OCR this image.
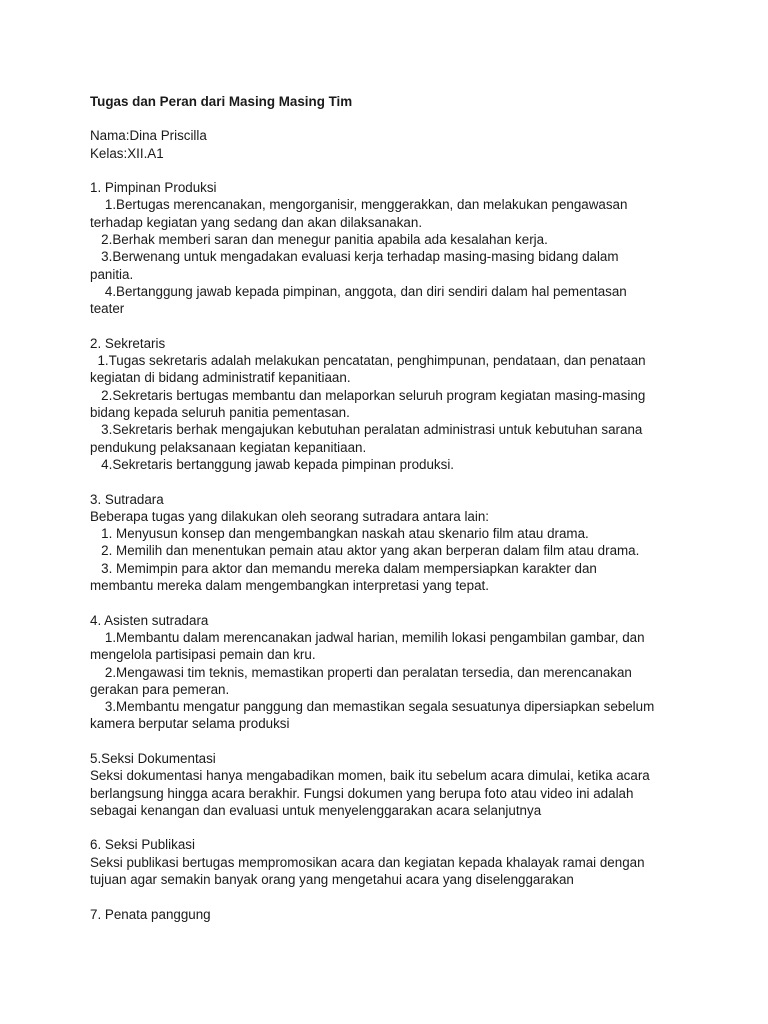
Tugas dan Peran dari Masing Masing Tim
Nama:Dina Priscilla
Kelas:XII.A1
1. Pimpinan Produksi
1.Bertugas merencanakan, mengorganisir, menggerakkan, dan melakukan pengawasan
terhadap kegiatan yang sedang dan akan dilaksanakan.
2.Berhak memberi saran dan menegur panitia apabila ada kesalahan kerja.
3.Berwenang untuk mengadakan evaluasi kerja terhadap masing-masing bidang dalam
panitia.
4.Bertanggung jawab kepada pimpinan, anggota, dan diri sendiri dalam hal pementasan
teater
2. Sekretaris
1.Tugas sekretaris adalah melakukan pencatatan, penghimpunan, pendataan, dan penataan
kegiatan di bidang administratif kepanitiaan.
2.Sekretaris bertugas membantu dan melaporkan seluruh program kegiatan masing-masing
bidang kepada seluruh panitia pementasan.
3.Sekretaris berhak mengajukan kebutuhan peralatan administrasi untuk kebutuhan sarana
pendukung pelaksanaan kegiatan kepanitiaan.
4.Sekretaris bertanggung jawab kepada pimpinan produksi.
3. Sutradara
Beberapa tugas yang dilakukan oleh seorang sutradara antara lain:
1. Menyusun konsep dan mengembangkan naskah atau skenario film atau drama.
2. Memilih dan menentukan pemain atau aktor yang akan berperan dalam film atau drama.
3. Memimpin para aktor dan memandu mereka dalam mempersiapkan karakter dan
membantu mereka dalam mengembangkan interpretasi yang tepat.
4. Asisten sutradara
1.Membantu dalam merencanakan jadwal harian, memilih lokasi pengambilan gambar, dan
mengelola partisipasi pemain dan kru.
2.Mengawasi tim teknis, memastikan properti dan peralatan tersedia, dan merencanakan
gerakan para pemeran.
3.Membantu mengatur panggung dan memastikan segala sesuatunya dipersiapkan sebelum
kamera berputar selama produksi
5.Seksi Dokumentasi
Seksi dokumentasi hanya mengabadikan momen, baik itu sebelum acara dimulai, ketika acara
berlangsung hingga acara berakhir. Fungsi dokumen yang berupa foto atau video ini adalah
sebagai kenangan dan evaluasi untuk menyelenggarakan acara selanjutnya
6. Seksi Publikasi
Seksi publikasi bertugas mempromosikan acara dan kegiatan kepada khalayak ramai dengan
tujuan agar semakin banyak orang yang mengetahui acara yang diselenggarakan
7. Penata panggung
